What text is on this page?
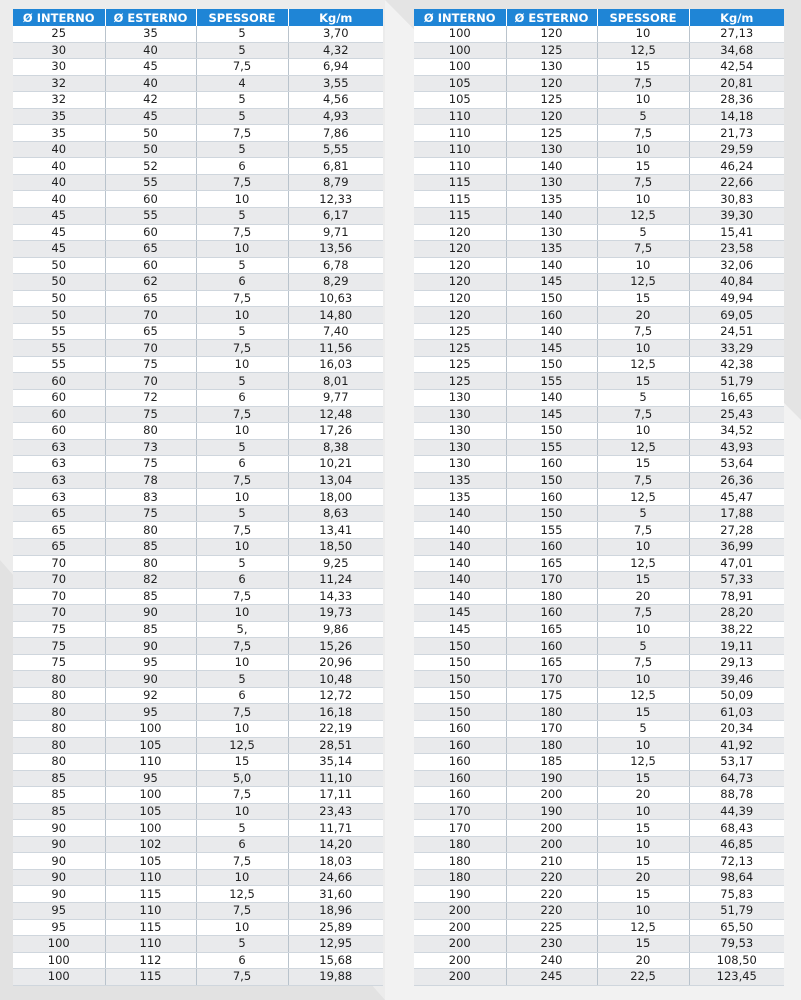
Ø INTERNO	Ø ESTERNO	SPESSORE	Kg/m
25	35	5	3,70
30	40	5	4,32
30	45	7,5	6,94
32	40	4	3,55
32	42	5	4,56
35	45	5	4,93
35	50	7,5	7,86
40	50	5	5,55
40	52	6	6,81
40	55	7,5	8,79
40	60	10	12,33
45	55	5	6,17
45	60	7,5	9,71
45	65	10	13,56
50	60	5	6,78
50	62	6	8,29
50	65	7,5	10,63
50	70	10	14,80
55	65	5	7,40
55	70	7,5	11,56
55	75	10	16,03
60	70	5	8,01
60	72	6	9,77
60	75	7,5	12,48
60	80	10	17,26
63	73	5	8,38
63	75	6	10,21
63	78	7,5	13,04
63	83	10	18,00
65	75	5	8,63
65	80	7,5	13,41
65	85	10	18,50
70	80	5	9,25
70	82	6	11,24
70	85	7,5	14,33
70	90	10	19,73
75	85	5,	9,86
75	90	7,5	15,26
75	95	10	20,96
80	90	5	10,48
80	92	6	12,72
80	95	7,5	16,18
80	100	10	22,19
80	105	12,5	28,51
80	110	15	35,14
85	95	5,0	11,10
85	100	7,5	17,11
85	105	10	23,43
90	100	5	11,71
90	102	6	14,20
90	105	7,5	18,03
90	110	10	24,66
90	115	12,5	31,60
95	110	7,5	18,96
95	115	10	25,89
100	110	5	12,95
100	112	6	15,68
100	115	7,5	19,88
Ø INTERNO	Ø ESTERNO	SPESSORE	Kg/m
100	120	10	27,13
100	125	12,5	34,68
100	130	15	42,54
105	120	7,5	20,81
105	125	10	28,36
110	120	5	14,18
110	125	7,5	21,73
110	130	10	29,59
110	140	15	46,24
115	130	7,5	22,66
115	135	10	30,83
115	140	12,5	39,30
120	130	5	15,41
120	135	7,5	23,58
120	140	10	32,06
120	145	12,5	40,84
120	150	15	49,94
120	160	20	69,05
125	140	7,5	24,51
125	145	10	33,29
125	150	12,5	42,38
125	155	15	51,79
130	140	5	16,65
130	145	7,5	25,43
130	150	10	34,52
130	155	12,5	43,93
130	160	15	53,64
135	150	7,5	26,36
135	160	12,5	45,47
140	150	5	17,88
140	155	7,5	27,28
140	160	10	36,99
140	165	12,5	47,01
140	170	15	57,33
140	180	20	78,91
145	160	7,5	28,20
145	165	10	38,22
150	160	5	19,11
150	165	7,5	29,13
150	170	10	39,46
150	175	12,5	50,09
150	180	15	61,03
160	170	5	20,34
160	180	10	41,92
160	185	12,5	53,17
160	190	15	64,73
160	200	20	88,78
170	190	10	44,39
170	200	15	68,43
180	200	10	46,85
180	210	15	72,13
180	220	20	98,64
190	220	15	75,83
200	220	10	51,79
200	225	12,5	65,50
200	230	15	79,53
200	240	20	108,50
200	245	22,5	123,45
